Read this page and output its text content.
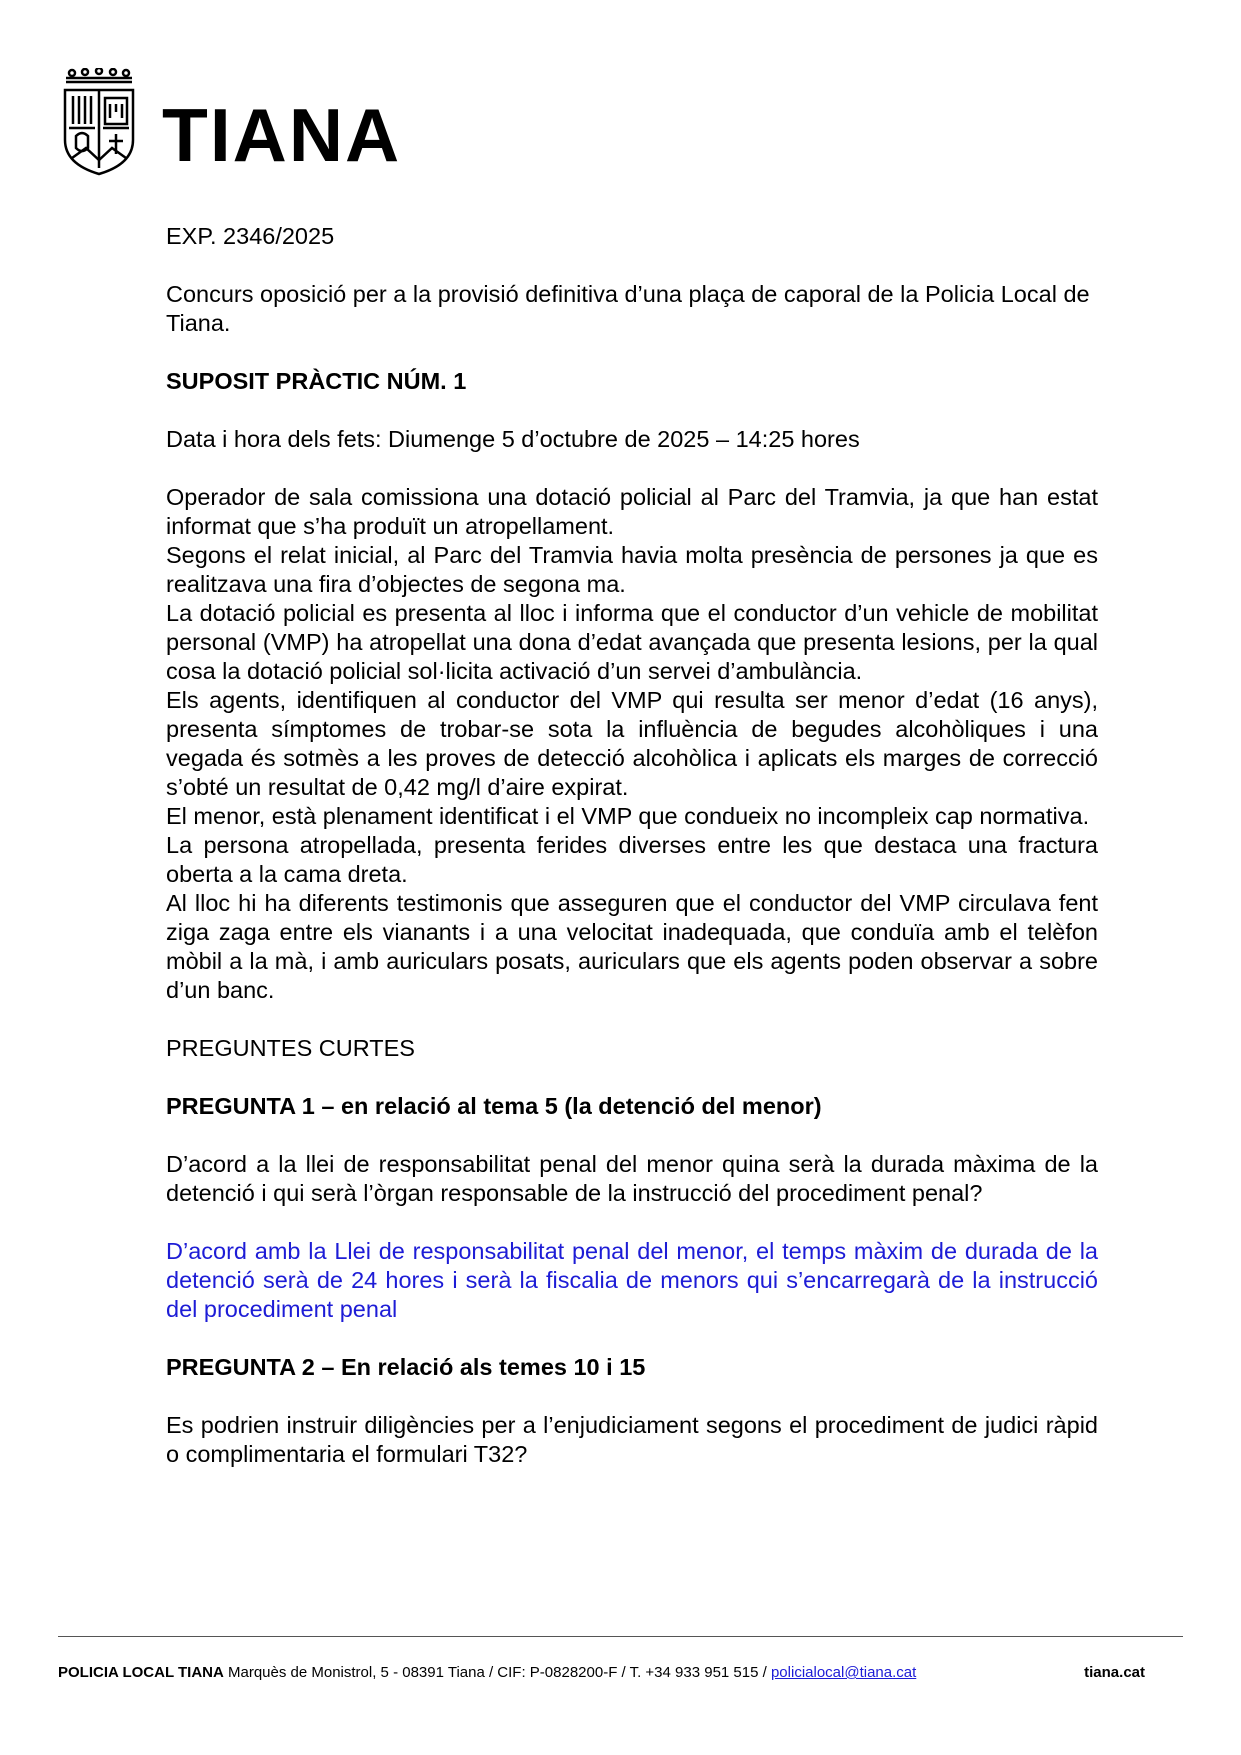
TIANA

EXP. 2346/2025

Concurs oposició per a la provisió definitiva d’una plaça de caporal de la Policia Local de Tiana.

SUPOSIT PRÀCTIC NÚM. 1

Data i hora dels fets: Diumenge 5 d’octubre de 2025 – 14:25 hores

Operador de sala comissiona una dotació policial al Parc del Tramvia, ja que han estat informat que s’ha produït un atropellament.

Segons el relat inicial, al Parc del Tramvia havia molta presència de persones ja que es realitzava una fira d’objectes de segona ma.

La dotació policial es presenta al lloc i informa que el conductor d’un vehicle de mobilitat personal (VMP) ha atropellat una dona d’edat avançada que presenta lesions, per la qual cosa la dotació policial sol·licita activació d’un servei d’ambulància.

Els agents, identifiquen al conductor del VMP qui resulta ser menor d’edat (16 anys), presenta símptomes de trobar-se sota la influència de begudes alcohòliques i una vegada és sotmès a les proves de detecció alcohòlica i aplicats els marges de correcció s’obté un resultat de 0,42 mg/l d’aire expirat.

El menor, està plenament identificat i el VMP que condueix no incompleix cap normativa.

La persona atropellada, presenta ferides diverses entre les que destaca una fractura oberta a la cama dreta.

Al lloc hi ha diferents testimonis que asseguren que el conductor del VMP circulava fent ziga zaga entre els vianants i a una velocitat inadequada, que conduïa amb el telèfon mòbil a la mà, i amb auriculars posats, auriculars que els agents poden observar a sobre d’un banc.

PREGUNTES CURTES

PREGUNTA 1 – en relació al tema 5 (la detenció del menor)

D’acord a la llei de responsabilitat penal del menor quina serà la durada màxima de la detenció i qui serà l’òrgan responsable de la instrucció del procediment penal?

D’acord amb la Llei de responsabilitat penal del menor, el temps màxim de durada de la detenció serà de 24 hores i serà la fiscalia de menors qui s’encarregarà de la instrucció del procediment penal

PREGUNTA 2 – En relació als temes 10 i 15

Es podrien instruir diligències per a l’enjudiciament segons el procediment de judici ràpid o complimentaria el formulari T32?

POLICIA LOCAL TIANA Marquès de Monistrol, 5 - 08391 Tiana / CIF: P-0828200-F / T. +34 933 951 515 / policialocal@tiana.cat	tiana.cat
